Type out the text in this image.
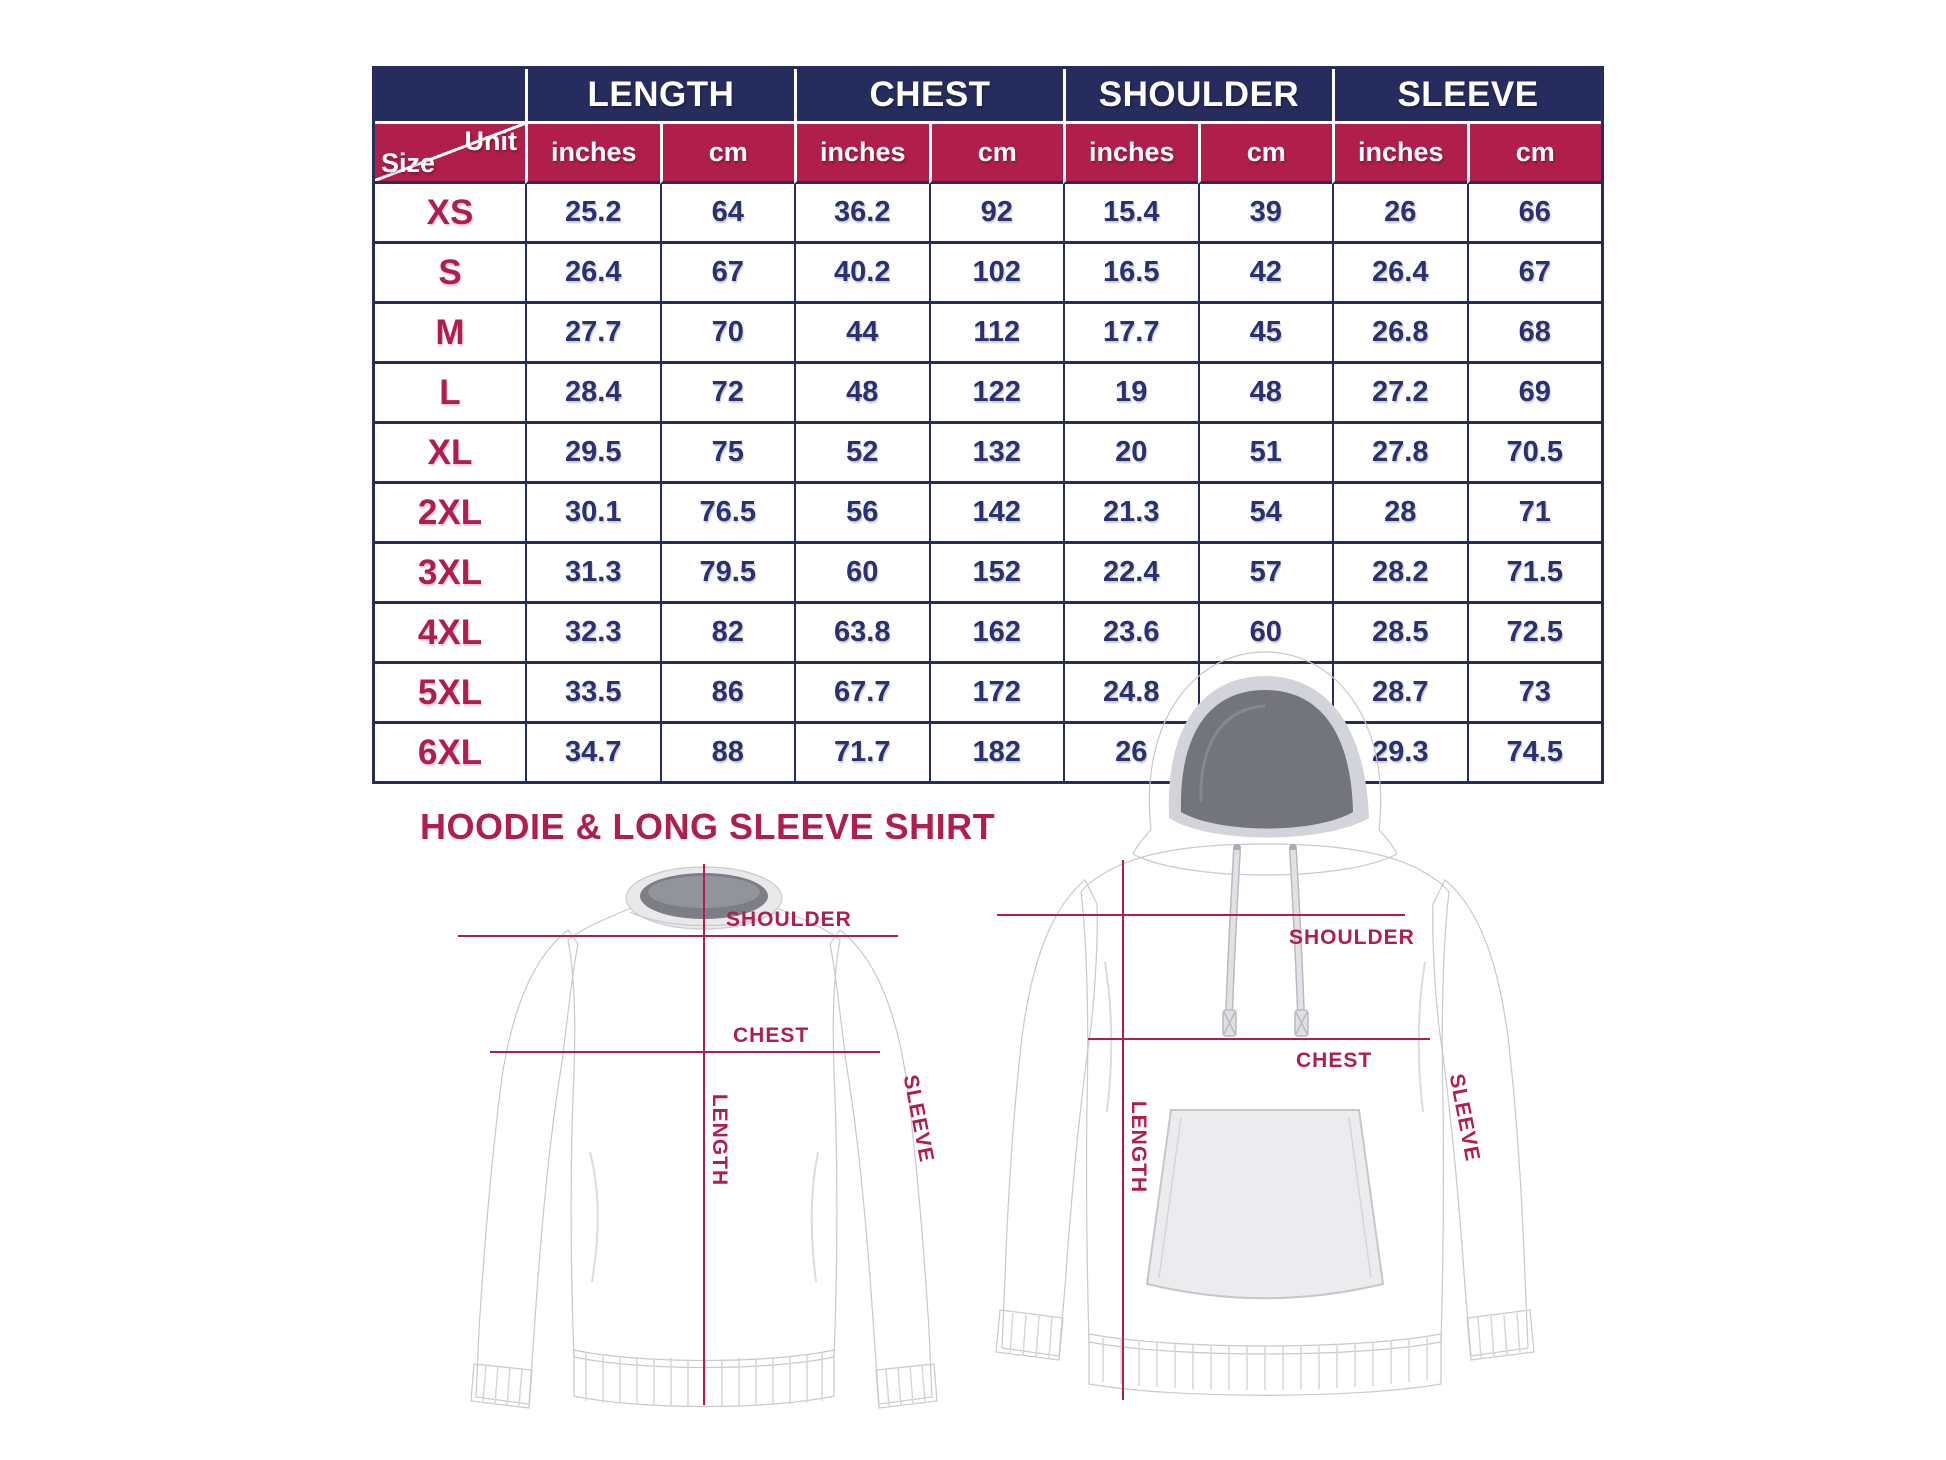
	LENGTH		CHEST		SHOULDER		SLEEVE	

Unit
Size	inches	cm	inches	cm	inches	cm	inches	cm
XS	25.2	64	36.2	92	15.4	39	26	66
S	26.4	67	40.2	102	16.5	42	26.4	67
M	27.7	70	44	112	17.7	45	26.8	68
L	28.4	72	48	122	19	48	27.2	69
XL	29.5	75	52	132	20	51	27.8	70.5
2XL	30.1	76.5	56	142	21.3	54	28	71
3XL	31.3	79.5	60	152	22.4	57	28.2	71.5
4XL	32.3	82	63.8	162	23.6	60	28.5	72.5
5XL	33.5	86	67.7	172	24.8		28.7	73
6XL	34.7	88	71.7	182	26		29.3	74.5
HOODIE & LONG SLEEVE SHIRT
SHOULDER
CHEST
LENGTH	SLEEVE
SHOULDER
CHEST
LENGTH	SLEEVE
